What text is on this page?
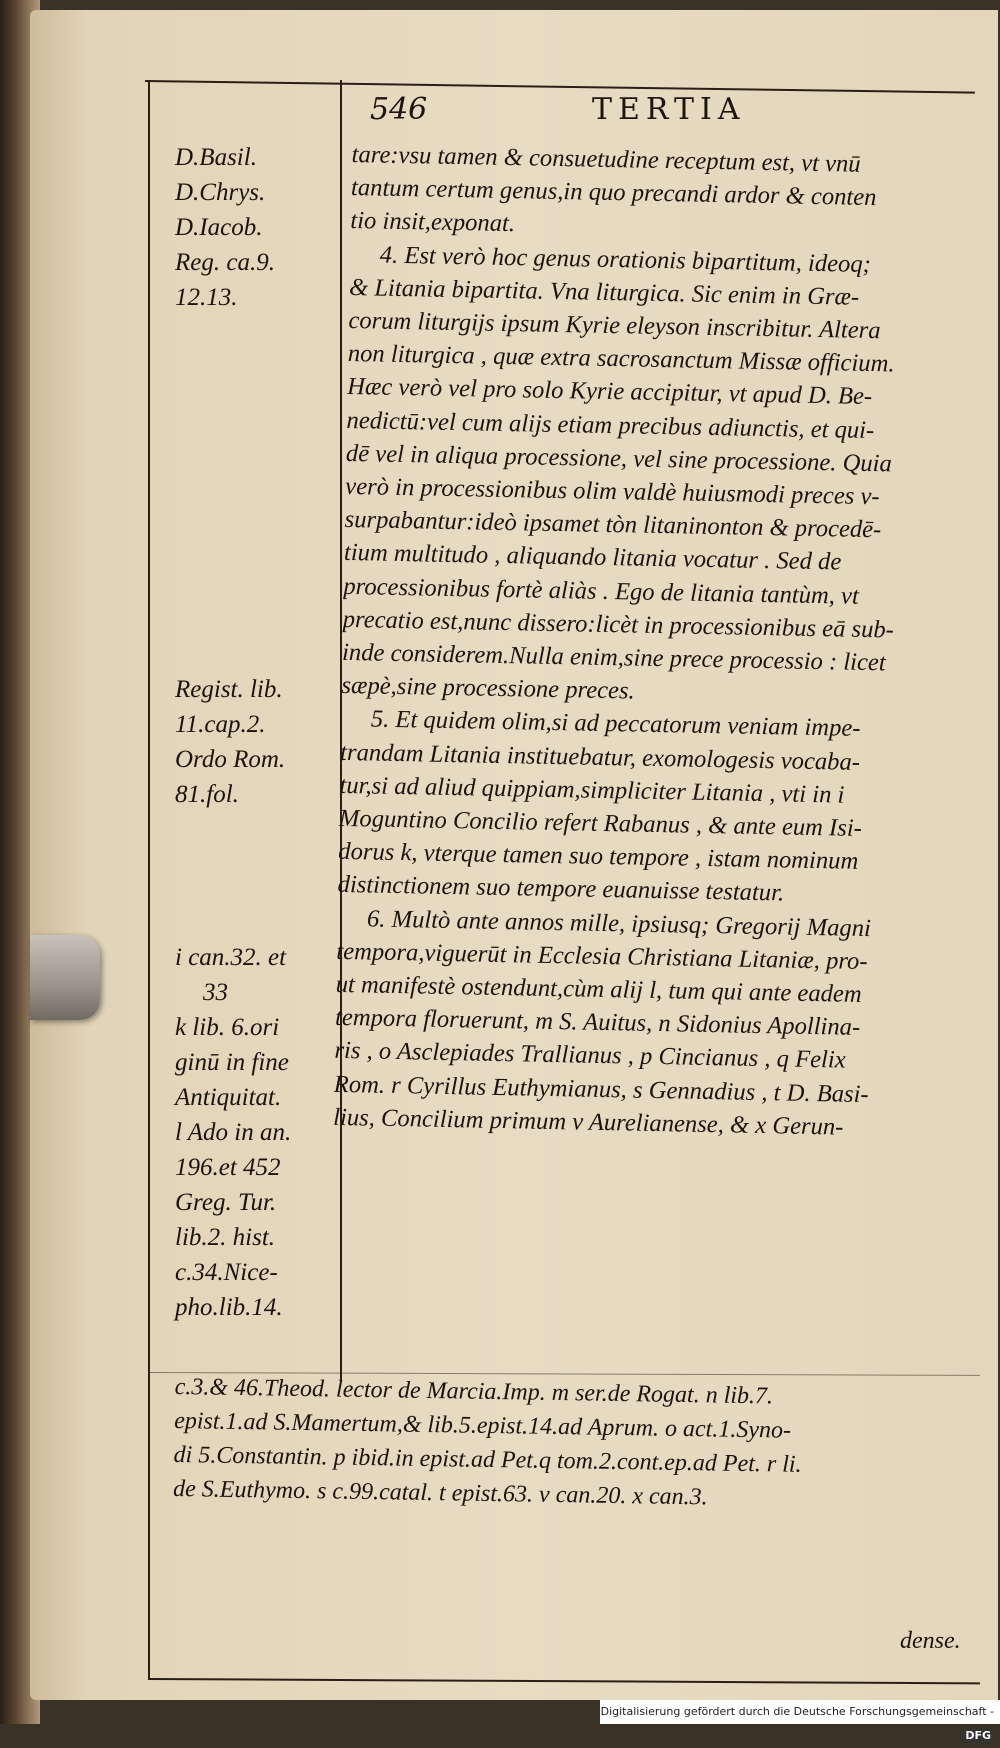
546	TERTIA
D.Basil.
D.Chrys.
D.Iacob.
Reg. ca.9.
12.13.
Regist. lib.
11.cap.2.
Ordo Rom.
81.fol.
i can.32. et
33
k lib. 6.ori
ginū in fine
Antiquitat.
l Ado in an.
196.et 452
Greg. Tur.
lib.2. hist.
c.34.Nice-
pho.lib.14.
tare:vsu tamen & consuetudine receptum est, vt vnū
tantum certum genus,in quo precandi ardor & conten
tio insit,exponat.
4. Est verò hoc genus orationis bipartitum, ideoq;
& Litania bipartita. Vna liturgica. Sic enim in Græ-
corum liturgijs ipsum Kyrie eleyson inscribitur. Altera
non liturgica , quæ extra sacrosanctum Missæ officium.
Hæc verò vel pro solo Kyrie accipitur, vt apud D. Be-
nedictū:vel cum alijs etiam precibus adiunctis, et qui-
dē vel in aliqua processione, vel sine processione. Quia
verò in processionibus olim valdè huiusmodi preces v-
surpabantur:ideò ipsamet tòn litaninonton & procedē-
tium multitudo , aliquando litania vocatur . Sed de
processionibus fortè aliàs . Ego de litania tantùm, vt
precatio est,nunc dissero:licèt in processionibus eā sub-
inde considerem.Nulla enim,sine prece processio : licet
sæpè,sine processione preces.
5. Et quidem olim,si ad peccatorum veniam impe-
trandam Litania instituebatur, exomologesis vocaba-
tur,si ad aliud quippiam,simpliciter Litania , vti in i
Moguntino Concilio refert Rabanus , & ante eum Isi-
dorus k, vterque tamen suo tempore , istam nominum
distinctionem suo tempore euanuisse testatur.
6. Multò ante annos mille, ipsiusq; Gregorij Magni
tempora,viguerūt in Ecclesia Christiana Litaniæ, pro-
ut manifestè ostendunt,cùm alij l, tum qui ante eadem
tempora floruerunt, m S. Auitus, n Sidonius Apollina-
ris , o Asclepiades Trallianus , p Cincianus , q Felix
Rom. r Cyrillus Euthymianus, s Gennadius , t D. Basi-
lius, Concilium primum v Aurelianense, & x Gerun-
c.3.& 46.Theod. lector de Marcia.Imp. m ser.de Rogat. n lib.7.
epist.1.ad S.Mamertum,& lib.5.epist.14.ad Aprum. o act.1.Syno-
di 5.Constantin. p ibid.in epist.ad Pet.q tom.2.cont.ep.ad Pet. r li.
de S.Euthymo. s c.99.catal. t epist.63. v can.20. x can.3.
dense.
Digitalisierung gefördert durch die Deutsche Forschungsgemeinschaft -DFG
